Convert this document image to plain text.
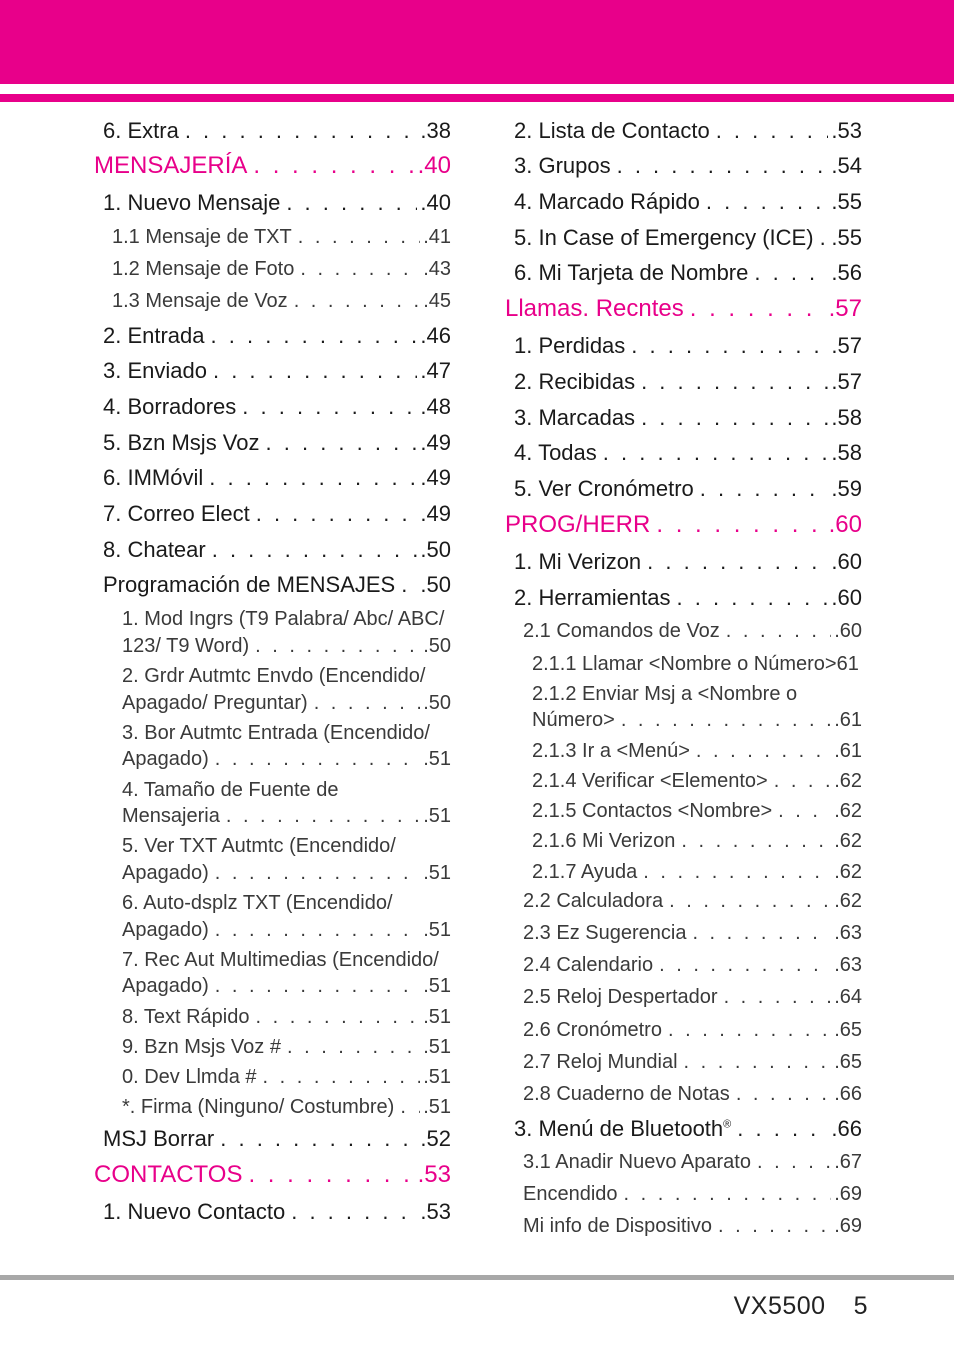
6. Extra . . .	.38
MENSAJERÍA . . .	.40
1. Nuevo Mensaje . . .	.40
1.1 Mensaje de TXT . . .	.41
1.2 Mensaje de Foto . . .	.43
1.3 Mensaje de Voz . . .	.45
2. Entrada . . .	.46
3. Enviado . . .	.47
4. Borradores . . .	.48
5. Bzn Msjs Voz . . .	.49
6. IMMóvil . . .	.49
7. Correo Elect . . .	.49
8. Chatear . . .	.50
Programación de MENSAJES . . . .50
1. Mod Ingrs (T9 Palabra/ Abc/ ABC/
123/ T9 Word) . . .	.50
2. Grdr Autmtc Envdo (Encendido/
Apagado/ Preguntar) . . .	.50
3. Bor Autmtc Entrada (Encendido/
Apagado) . . .	.51
4. Tamaño de Fuente de
Mensajeria . . .	.51
5. Ver TXT Autmtc (Encendido/
Apagado) . . .	.51
6. Auto-dsplz TXT (Encendido/
Apagado) . . .	.51
7. Rec Aut Multimedias (Encendido/
Apagado) . . .	.51
8. Text Rápido . . .	.51
9. Bzn Msjs Voz # . . .	.51
0. Dev Llmda # . . .	.51
*. Firma (Ninguno/ Costumbre) . . . .51
MSJ Borrar . . .	.52
CONTACTOS . . .	.53
1. Nuevo Contacto . . .	.53
2. Lista de Contacto . . .	.53
3. Grupos . . .	.54
4. Marcado Rápido . . .	.55
5. In Case of Emergency (ICE) . . . .55
6. Mi Tarjeta de Nombre . . .	.56
Llamas. Recntes . . .	.57
1. Perdidas . . .	.57
2. Recibidas . . .	.57
3. Marcadas . . .	.58
4. Todas . . .	.58
5. Ver Cronómetro . . .	.59
PROG/HERR . . .	.60
1. Mi Verizon . . .	.60
2. Herramientas . . .	.60
2.1 Comandos de Voz . . .	.60
2.1.1 Llamar <Nombre o Número>61
2.1.2 Enviar Msj a <Nombre o
Número> . . .	.61
2.1.3 Ir a <Menú> . . .	.61
2.1.4 Verificar <Elemento> . . .	.62
2.1.5 Contactos <Nombre> . . .	.62
2.1.6 Mi Verizon . . .	.62
2.1.7 Ayuda . . .	.62
2.2 Calculadora . . .	.62
2.3 Ez Sugerencia . . .	.63
2.4 Calendario . . .	.63
2.5 Reloj Despertador . . .	.64
2.6 Cronómetro . . .	.65
2.7 Reloj Mundial . . .	.65
2.8 Cuaderno de Notas . . .	.66
3. Menú de Bluetooth® . . .	.66
3.1 Anadir Nuevo Aparato . . .	.67
Encendido . . .	.69
Mi info de Dispositivo . . .	.69
VX5500 5
